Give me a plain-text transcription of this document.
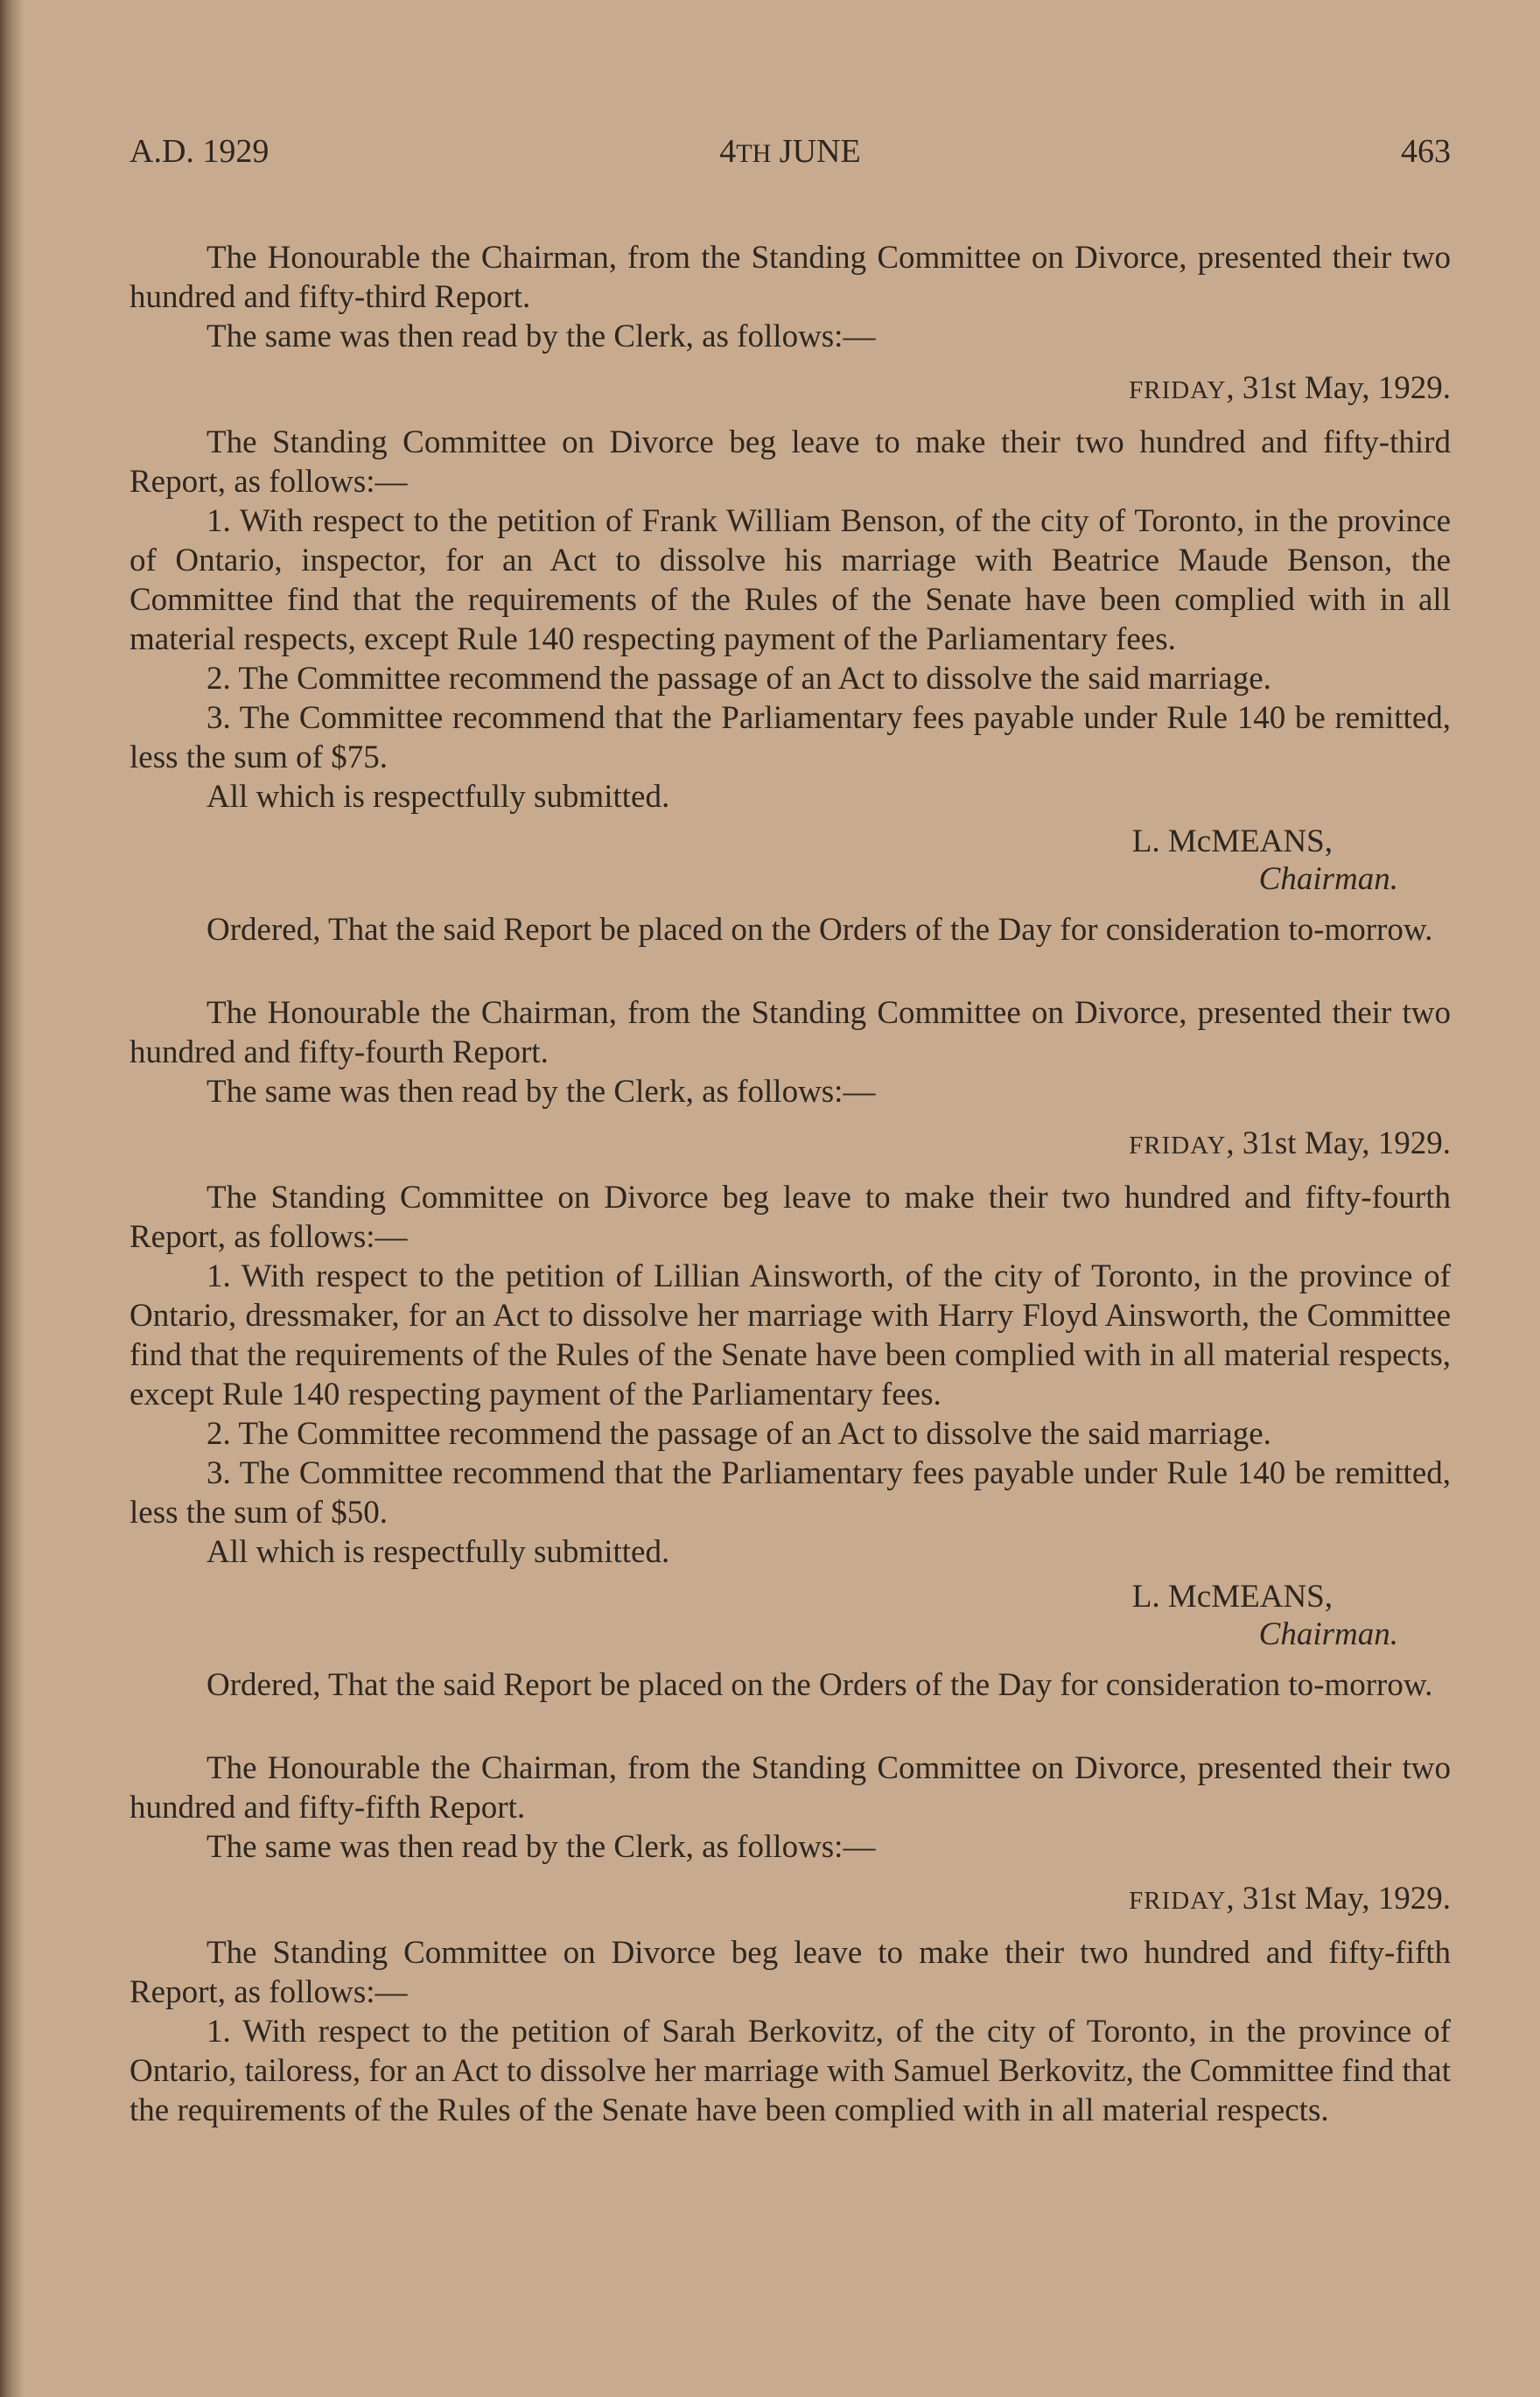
A.D. 1929	4TH JUNE	463

The Honourable the Chairman, from the Standing Committee on Divorce, presented their two hundred and fifty-third Report.

The same was then read by the Clerk, as follows:—

FRIDAY, 31st May, 1929.

The Standing Committee on Divorce beg leave to make their two hundred and fifty-third Report, as follows:—

1. With respect to the petition of Frank William Benson, of the city of Toronto, in the province of Ontario, inspector, for an Act to dissolve his marriage with Beatrice Maude Benson, the Committee find that the requirements of the Rules of the Senate have been complied with in all material respects, except Rule 140 respecting payment of the Parliamentary fees.

2. The Committee recommend the passage of an Act to dissolve the said marriage.

3. The Committee recommend that the Parliamentary fees payable under Rule 140 be remitted, less the sum of $75.

All which is respectfully submitted.

L. McMEANS,

Chairman.

Ordered, That the said Report be placed on the Orders of the Day for consideration to-morrow.

The Honourable the Chairman, from the Standing Committee on Divorce, presented their two hundred and fifty-fourth Report.

The same was then read by the Clerk, as follows:—

FRIDAY, 31st May, 1929.

The Standing Committee on Divorce beg leave to make their two hundred and fifty-fourth Report, as follows:—

1. With respect to the petition of Lillian Ainsworth, of the city of Toronto, in the province of Ontario, dressmaker, for an Act to dissolve her marriage with Harry Floyd Ainsworth, the Committee find that the requirements of the Rules of the Senate have been complied with in all material respects, except Rule 140 respecting payment of the Parliamentary fees.

2. The Committee recommend the passage of an Act to dissolve the said marriage.

3. The Committee recommend that the Parliamentary fees payable under Rule 140 be remitted, less the sum of $50.

All which is respectfully submitted.

L. McMEANS,

Chairman.

Ordered, That the said Report be placed on the Orders of the Day for consideration to-morrow.

The Honourable the Chairman, from the Standing Committee on Divorce, presented their two hundred and fifty-fifth Report.

The same was then read by the Clerk, as follows:—

FRIDAY, 31st May, 1929.

The Standing Committee on Divorce beg leave to make their two hundred and fifty-fifth Report, as follows:—

1. With respect to the petition of Sarah Berkovitz, of the city of Toronto, in the province of Ontario, tailoress, for an Act to dissolve her marriage with Samuel Berkovitz, the Committee find that the requirements of the Rules of the Senate have been complied with in all material respects.
